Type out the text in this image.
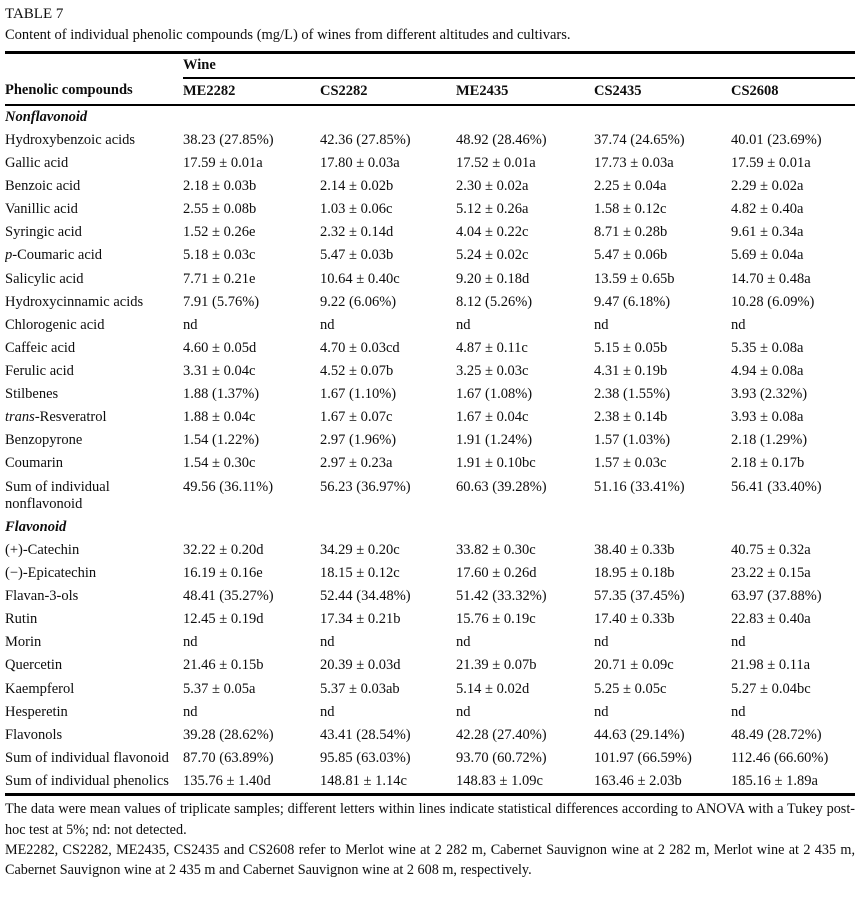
TABLE 7
Content of individual phenolic compounds (mg/L) of wines from different altitudes and cultivars.
	Wine				
Phenolic compounds	ME2282	CS2282	ME2435	CS2435	CS2608
Nonflavonoid					
Hydroxybenzoic acids	38.23 (27.85%)	42.36 (27.85%)	48.92 (28.46%)	37.74 (24.65%)	40.01 (23.69%)
Gallic acid	17.59 ± 0.01a	17.80 ± 0.03a	17.52 ± 0.01a	17.73 ± 0.03a	17.59 ± 0.01a
Benzoic acid	2.18 ± 0.03b	2.14 ± 0.02b	2.30 ± 0.02a	2.25 ± 0.04a	2.29 ± 0.02a
Vanillic acid	2.55 ± 0.08b	1.03 ± 0.06c	5.12 ± 0.26a	1.58 ± 0.12c	4.82 ± 0.40a
Syringic acid	1.52 ± 0.26e	2.32 ± 0.14d	4.04 ± 0.22c	8.71 ± 0.28b	9.61 ± 0.34a
p-Coumaric acid	5.18 ± 0.03c	5.47 ± 0.03b	5.24 ± 0.02c	5.47 ± 0.06b	5.69 ± 0.04a
Salicylic acid	7.71 ± 0.21e	10.64 ± 0.40c	9.20 ± 0.18d	13.59 ± 0.65b	14.70 ± 0.48a
Hydroxycinnamic acids	7.91 (5.76%)	9.22 (6.06%)	8.12 (5.26%)	9.47 (6.18%)	10.28 (6.09%)
Chlorogenic acid	nd	nd	nd	nd	nd
Caffeic acid	4.60 ± 0.05d	4.70 ± 0.03cd	4.87 ± 0.11c	5.15 ± 0.05b	5.35 ± 0.08a
Ferulic acid	3.31 ± 0.04c	4.52 ± 0.07b	3.25 ± 0.03c	4.31 ± 0.19b	4.94 ± 0.08a
Stilbenes	1.88 (1.37%)	1.67 (1.10%)	1.67 (1.08%)	2.38 (1.55%)	3.93 (2.32%)
trans-Resveratrol	1.88 ± 0.04c	1.67 ± 0.07c	1.67 ± 0.04c	2.38 ± 0.14b	3.93 ± 0.08a
Benzopyrone	1.54 (1.22%)	2.97 (1.96%)	1.91 (1.24%)	1.57 (1.03%)	2.18 (1.29%)
Coumarin	1.54 ± 0.30c	2.97 ± 0.23a	1.91 ± 0.10bc	1.57 ± 0.03c	2.18 ± 0.17b
Sum of individual nonflavonoid	49.56 (36.11%)	56.23 (36.97%)	60.63 (39.28%)	51.16 (33.41%)	56.41 (33.40%)
Flavonoid					
(+)-Catechin	32.22 ± 0.20d	34.29 ± 0.20c	33.82 ± 0.30c	38.40 ± 0.33b	40.75 ± 0.32a
(−)-Epicatechin	16.19 ± 0.16e	18.15 ± 0.12c	17.60 ± 0.26d	18.95 ± 0.18b	23.22 ± 0.15a
Flavan-3-ols	48.41 (35.27%)	52.44 (34.48%)	51.42 (33.32%)	57.35 (37.45%)	63.97 (37.88%)
Rutin	12.45 ± 0.19d	17.34 ± 0.21b	15.76 ± 0.19c	17.40 ± 0.33b	22.83 ± 0.40a
Morin	nd	nd	nd	nd	nd
Quercetin	21.46 ± 0.15b	20.39 ± 0.03d	21.39 ± 0.07b	20.71 ± 0.09c	21.98 ± 0.11a
Kaempferol	5.37 ± 0.05a	5.37 ± 0.03ab	5.14 ± 0.02d	5.25 ± 0.05c	5.27 ± 0.04bc
Hesperetin	nd	nd	nd	nd	nd
Flavonols	39.28 (28.62%)	43.41 (28.54%)	42.28 (27.40%)	44.63 (29.14%)	48.49 (28.72%)
Sum of individual flavonoid	87.70 (63.89%)	95.85 (63.03%)	93.70 (60.72%)	101.97 (66.59%)	112.46 (66.60%)
Sum of individual phenolics	135.76 ± 1.40d	148.81 ± 1.14c	148.83 ± 1.09c	163.46 ± 2.03b	185.16 ± 1.89a

The data were mean values of triplicate samples; different letters within lines indicate statistical differences according to ANOVA with a Tukey post-hoc test at 5%; nd: not detected.

ME2282, CS2282, ME2435, CS2435 and CS2608 refer to Merlot wine at 2 282 m, Cabernet Sauvignon wine at 2 282 m, Merlot wine at 2 435 m, Cabernet Sauvignon wine at 2 435 m and Cabernet Sauvignon wine at 2 608 m, respectively.
